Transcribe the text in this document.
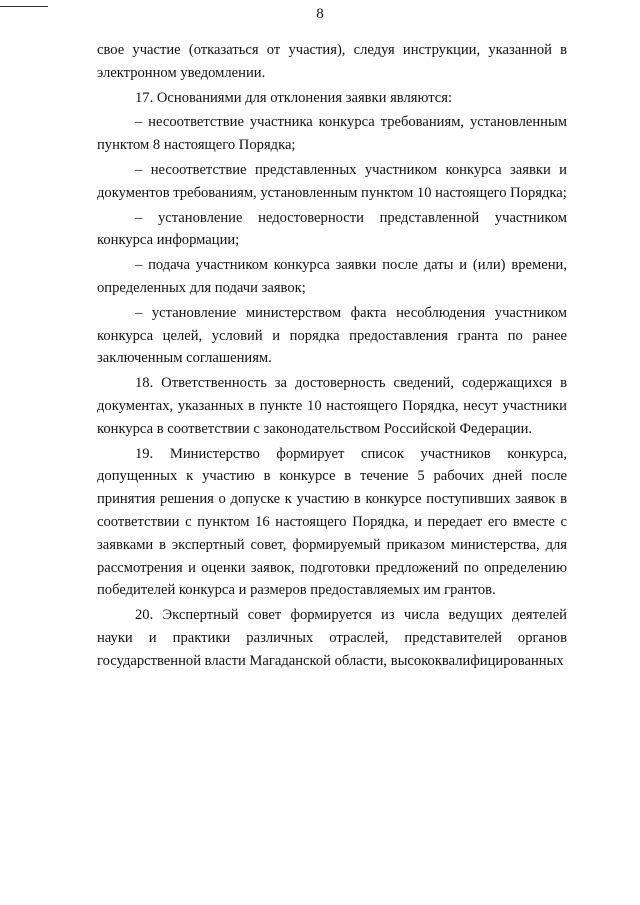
8

свое участие (отказаться от участия), следуя инструкции, указанной в электронном уведомлении.

17. Основаниями для отклонения заявки являются:

– несоответствие участника конкурса требованиям, установленным пунктом 8 настоящего Порядка;

– несоответствие представленных участником конкурса заявки и документов требованиям, установленным пунктом 10 настоящего Порядка;

– установление недостоверности представленной участником конкурса информации;

– подача участником конкурса заявки после даты и (или) времени, определенных для подачи заявок;

– установление министерством факта несоблюдения участником конкурса целей, условий и порядка предоставления гранта по ранее заключенным соглашениям.

18. Ответственность за достоверность сведений, содержащихся в документах, указанных в пункте 10 настоящего Порядка, несут участники конкурса в соответствии с законодательством Российской Федерации.

19. Министерство формирует список участников конкурса, допущенных к участию в конкурсе в течение 5 рабочих дней после принятия решения о допуске к участию в конкурсе поступивших заявок в соответствии с пунктом 16 настоящего Порядка, и передает его вместе с заявками в экспертный совет, формируемый приказом министерства, для рассмотрения и оценки заявок, подготовки предложений по определению победителей конкурса и размеров предоставляемых им грантов.

20. Экспертный совет формируется из числа ведущих деятелей науки и практики различных отраслей, представителей органов государственной власти Магаданской области, высококвалифицированных
